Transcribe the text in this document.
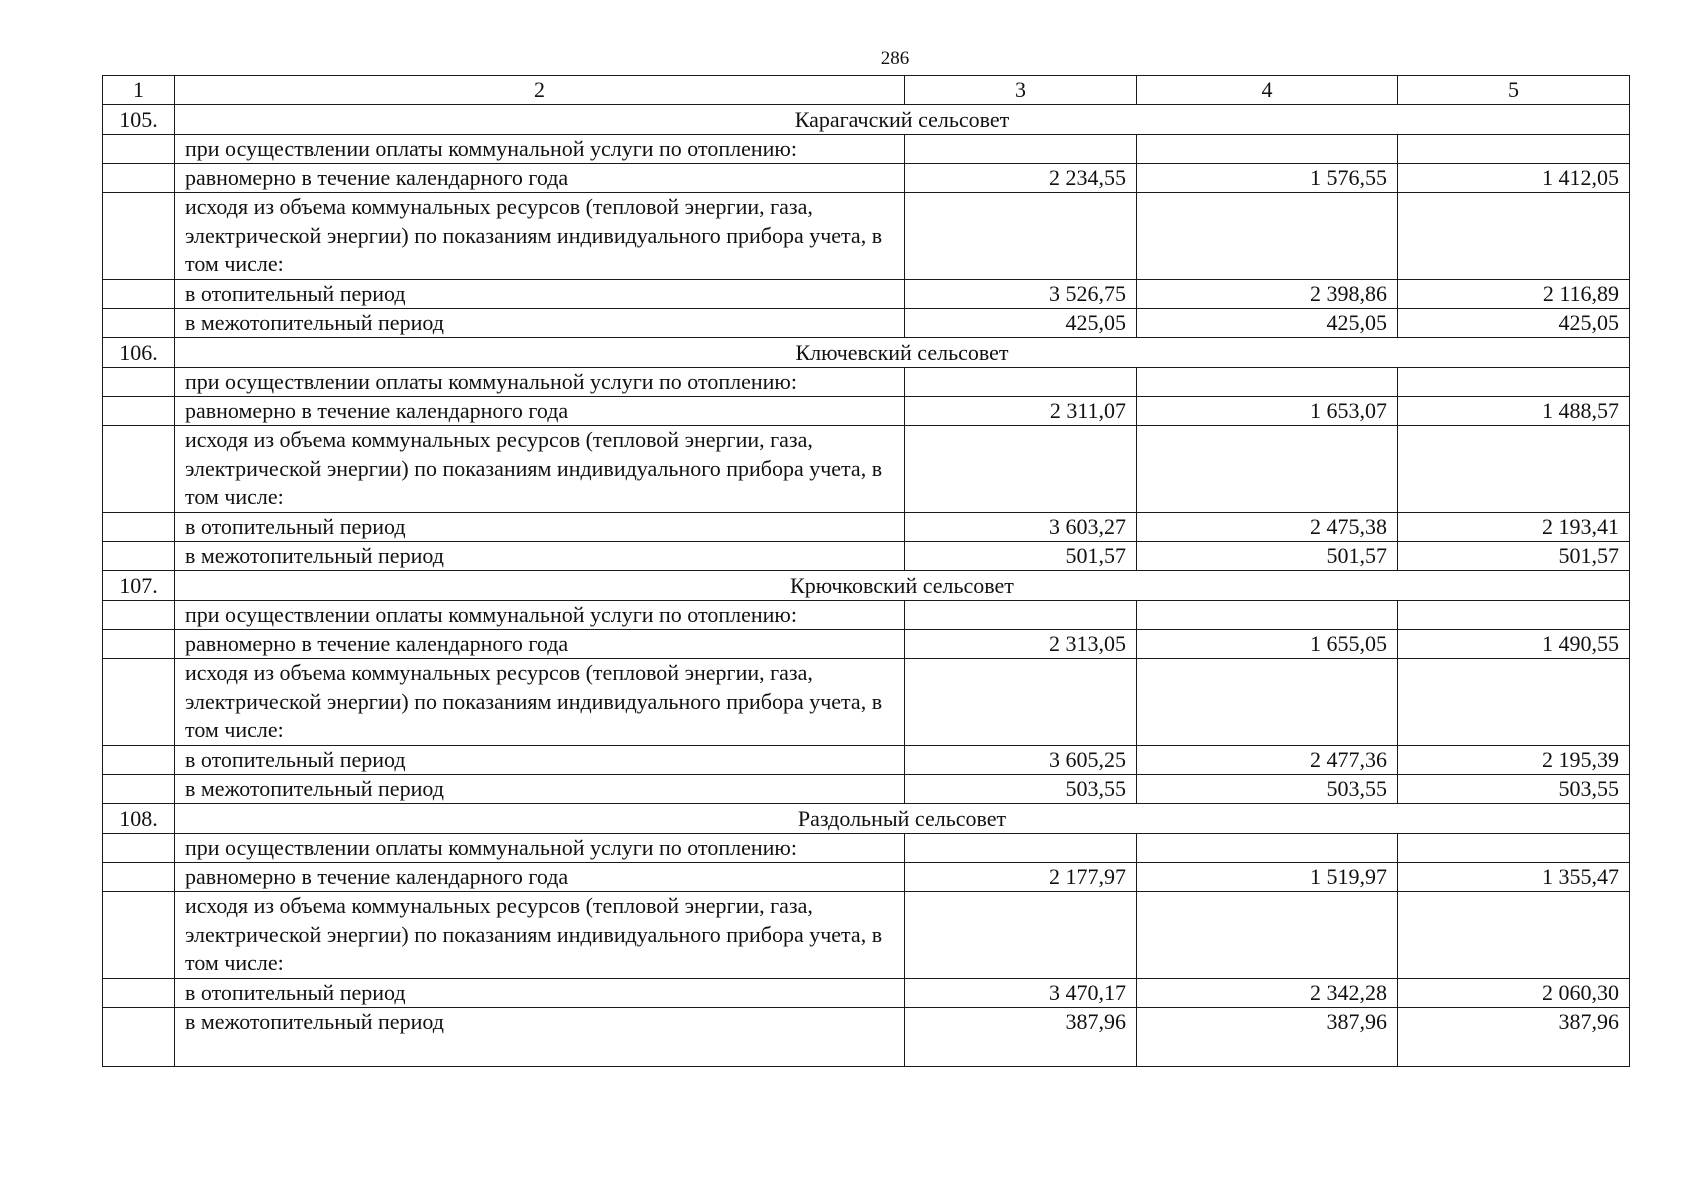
286
1	2	3	4	5
105.	Карагачский сельсовет			
	при осуществлении оплаты коммунальной услуги по отоплению:			
	равномерно в течение календарного года	2 234,55	1 576,55	1 412,05
	исходя из объема коммунальных ресурсов (тепловой энергии, газа, электрической энергии) по показаниям индивидуального прибора учета, в том числе:			
	в отопительный период	3 526,75	2 398,86	2 116,89
	в межотопительный период	425,05	425,05	425,05
106.	Ключевский сельсовет			
	при осуществлении оплаты коммунальной услуги по отоплению:			
	равномерно в течение календарного года	2 311,07	1 653,07	1 488,57
	исходя из объема коммунальных ресурсов (тепловой энергии, газа, электрической энергии) по показаниям индивидуального прибора учета, в том числе:			
	в отопительный период	3 603,27	2 475,38	2 193,41
	в межотопительный период	501,57	501,57	501,57
107.	Крючковский сельсовет			
	при осуществлении оплаты коммунальной услуги по отоплению:			
	равномерно в течение календарного года	2 313,05	1 655,05	1 490,55
	исходя из объема коммунальных ресурсов (тепловой энергии, газа, электрической энергии) по показаниям индивидуального прибора учета, в том числе:			
	в отопительный период	3 605,25	2 477,36	2 195,39
	в межотопительный период	503,55	503,55	503,55
108.	Раздольный сельсовет			
	при осуществлении оплаты коммунальной услуги по отоплению:			
	равномерно в течение календарного года	2 177,97	1 519,97	1 355,47
	исходя из объема коммунальных ресурсов (тепловой энергии, газа, электрической энергии) по показаниям индивидуального прибора учета, в том числе:			
	в отопительный период	3 470,17	2 342,28	2 060,30
	в межотопительный период	387,96	387,96	387,96
